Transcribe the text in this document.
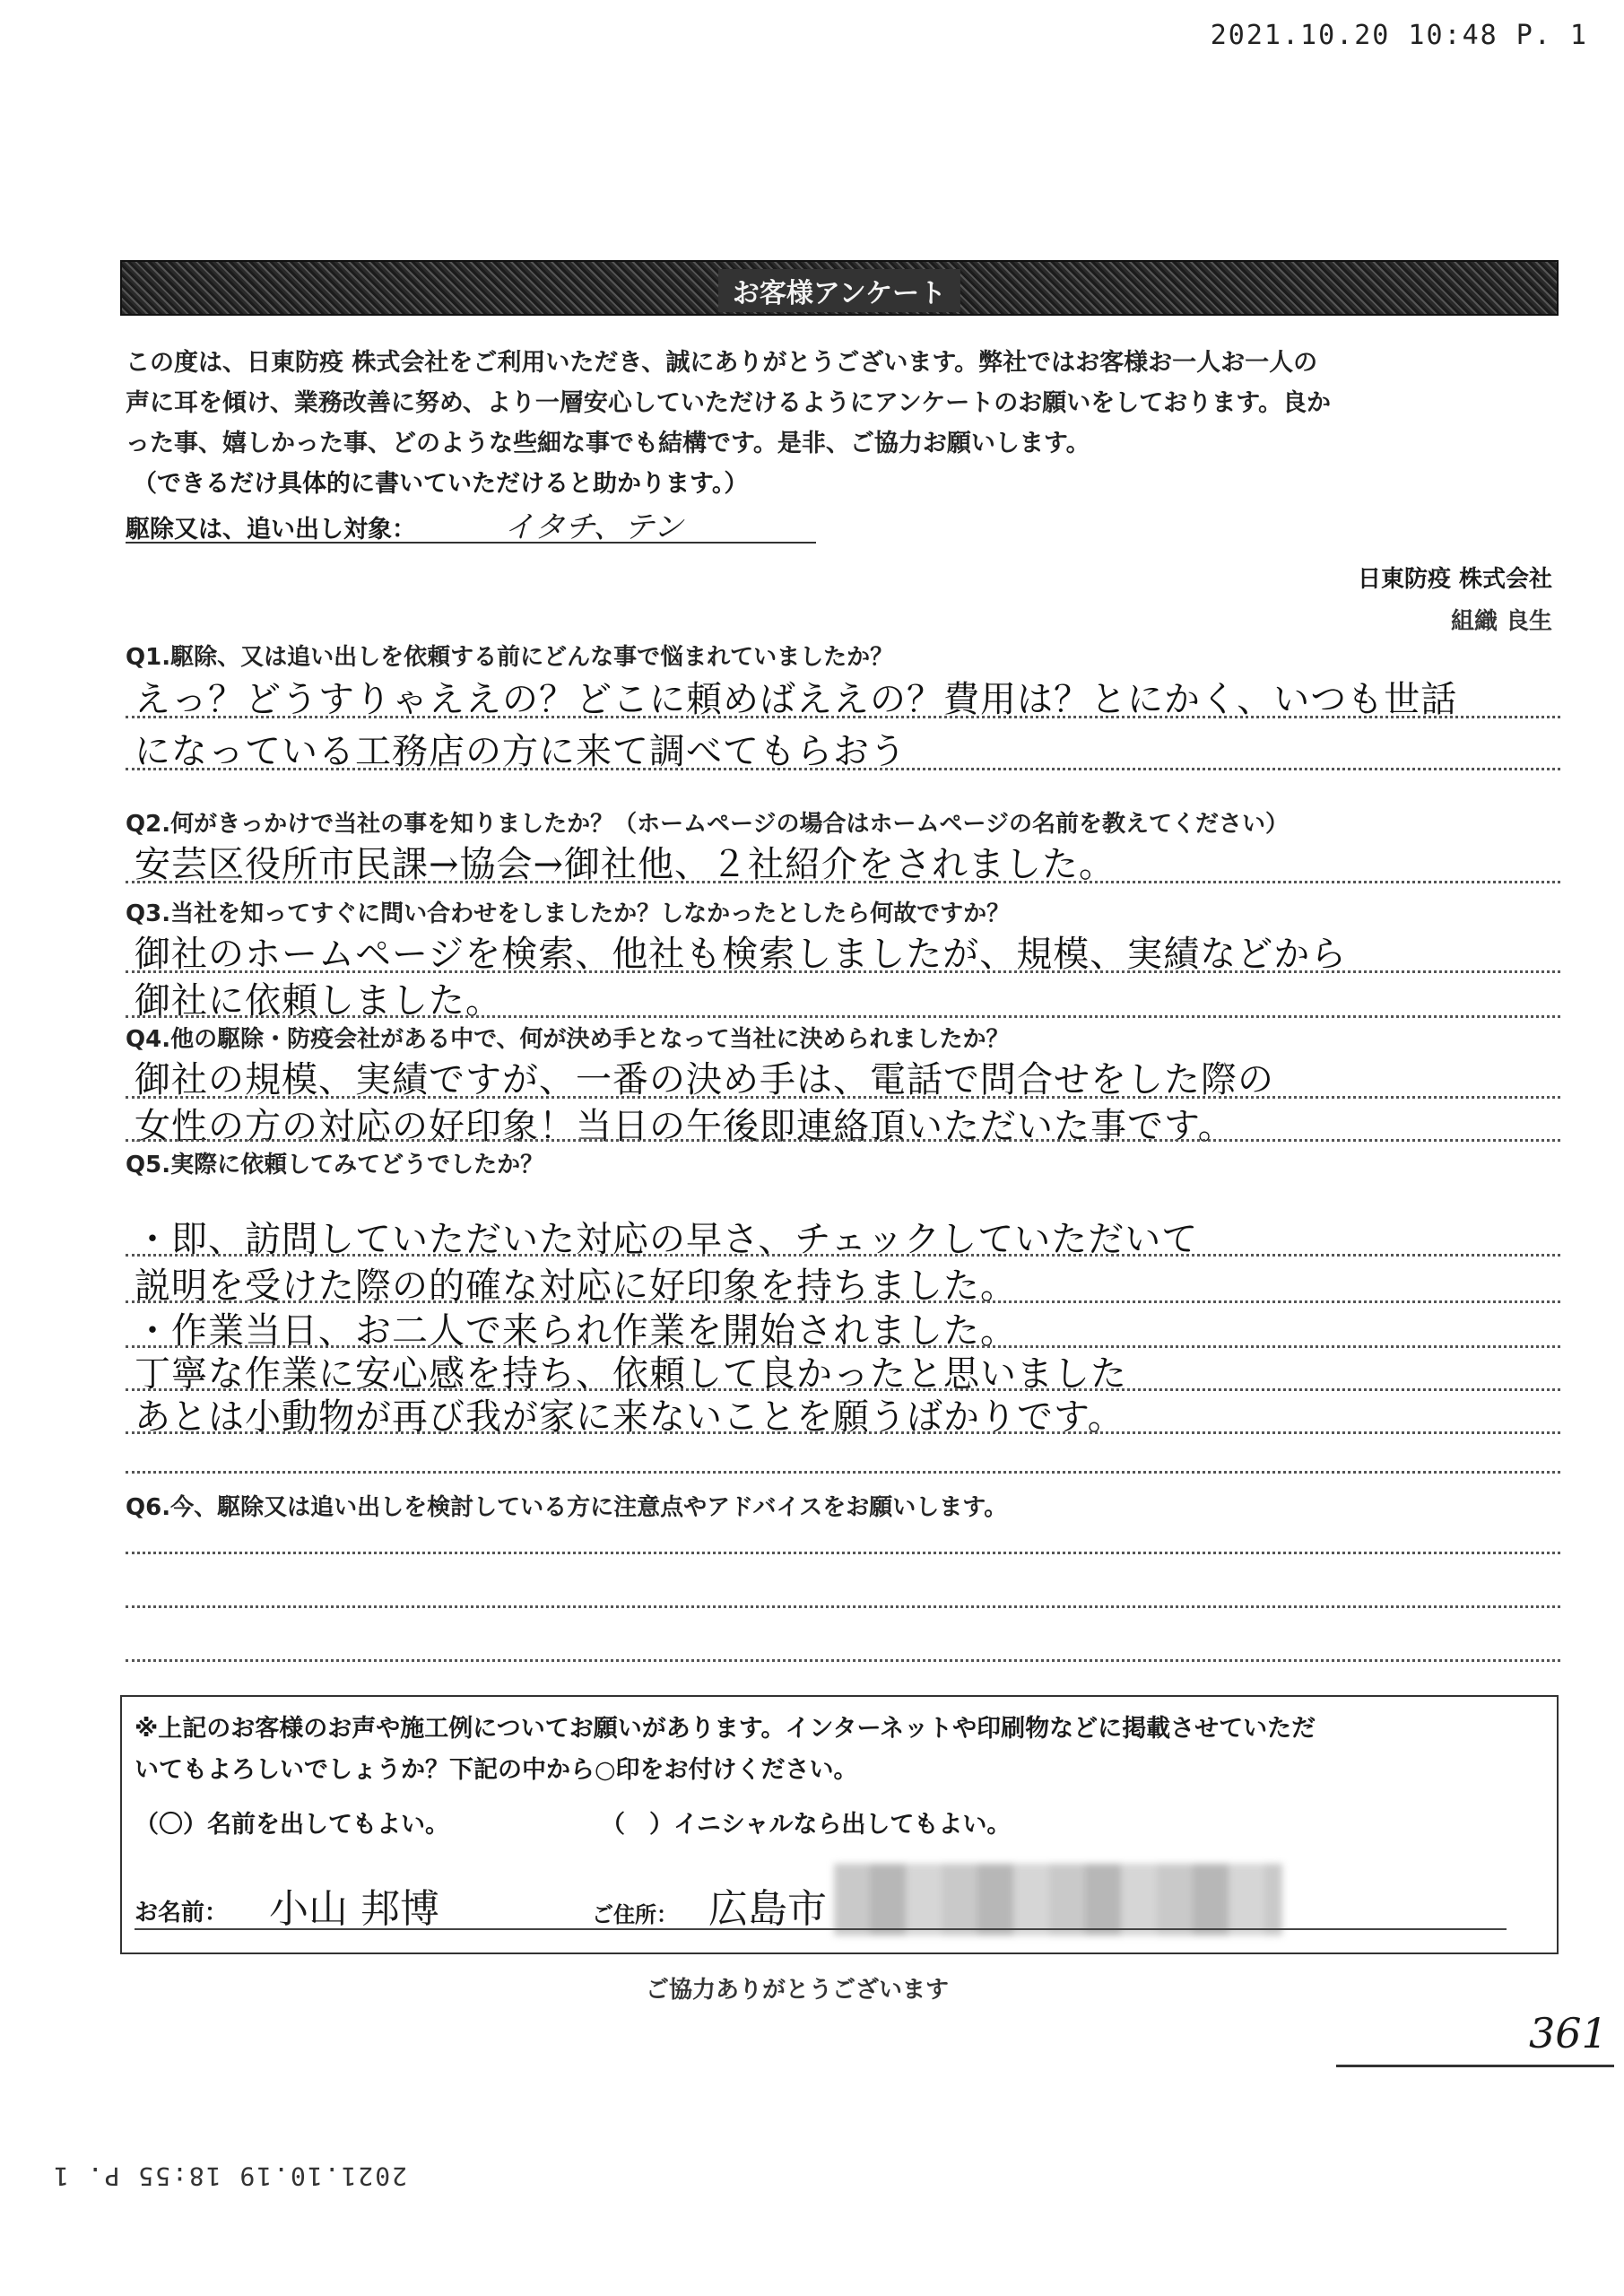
2021.10.20 10:48 P. 1
お客様アンケート

この度は、日東防疫 株式会社をご利用いただき、誠にありがとうございます。弊社ではお客様お一人お一人の

声に耳を傾け、業務改善に努め、より一層安心していただけるようにアンケートのお願いをしております。良か

った事、嬉しかった事、どのような些細な事でも結構です。是非、ご協力お願いします。

（できるだけ具体的に書いていただけると助かります。）
駆除又は、追い出し対象：	イタチ、テン
日東防疫 株式会社
組織 良生
Q1.駆除、又は追い出しを依頼する前にどんな事で悩まれていましたか？
えっ？どうすりゃええの？どこに頼めばええの？費用は？とにかく、いつも世話
になっている工務店の方に来て調べてもらおう
Q2.何がきっかけで当社の事を知りましたか？（ホームページの場合はホームページの名前を教えてください）
安芸区役所市民課→協会→御社他、２社紹介をされました。
Q3.当社を知ってすぐに問い合わせをしましたか？しなかったとしたら何故ですか？
御社のホームページを検索、他社も検索しましたが、規模、実績などから
御社に依頼しました。
Q4.他の駆除・防疫会社がある中で、何が決め手となって当社に決められましたか？
御社の規模、実績ですが、一番の決め手は、電話で問合せをした際の
女性の方の対応の好印象！当日の午後即連絡頂いただいた事です。
Q5.実際に依頼してみてどうでしたか？
・即、訪問していただいた対応の早さ、チェックしていただいて
説明を受けた際の的確な対応に好印象を持ちました。
・作業当日、お二人で来られ作業を開始されました。
丁寧な作業に安心感を持ち、依頼して良かったと思いました
あとは小動物が再び我が家に来ないことを願うばかりです。
Q6.今、駆除又は追い出しを検討している方に注意点やアドバイスをお願いします。

※上記のお客様のお声や施工例についてお願いがあります。インターネットや印刷物などに掲載させていただ

いてもよろしいでしょうか？下記の中から○印をお付けください。

（〇）名前を出してもよい。	（　）イニシャルなら出してもよい。
お名前： 小山 邦博	ご住所： 広島市
ご協力ありがとうございます
361
2021.10.19 18:55 P. 1
